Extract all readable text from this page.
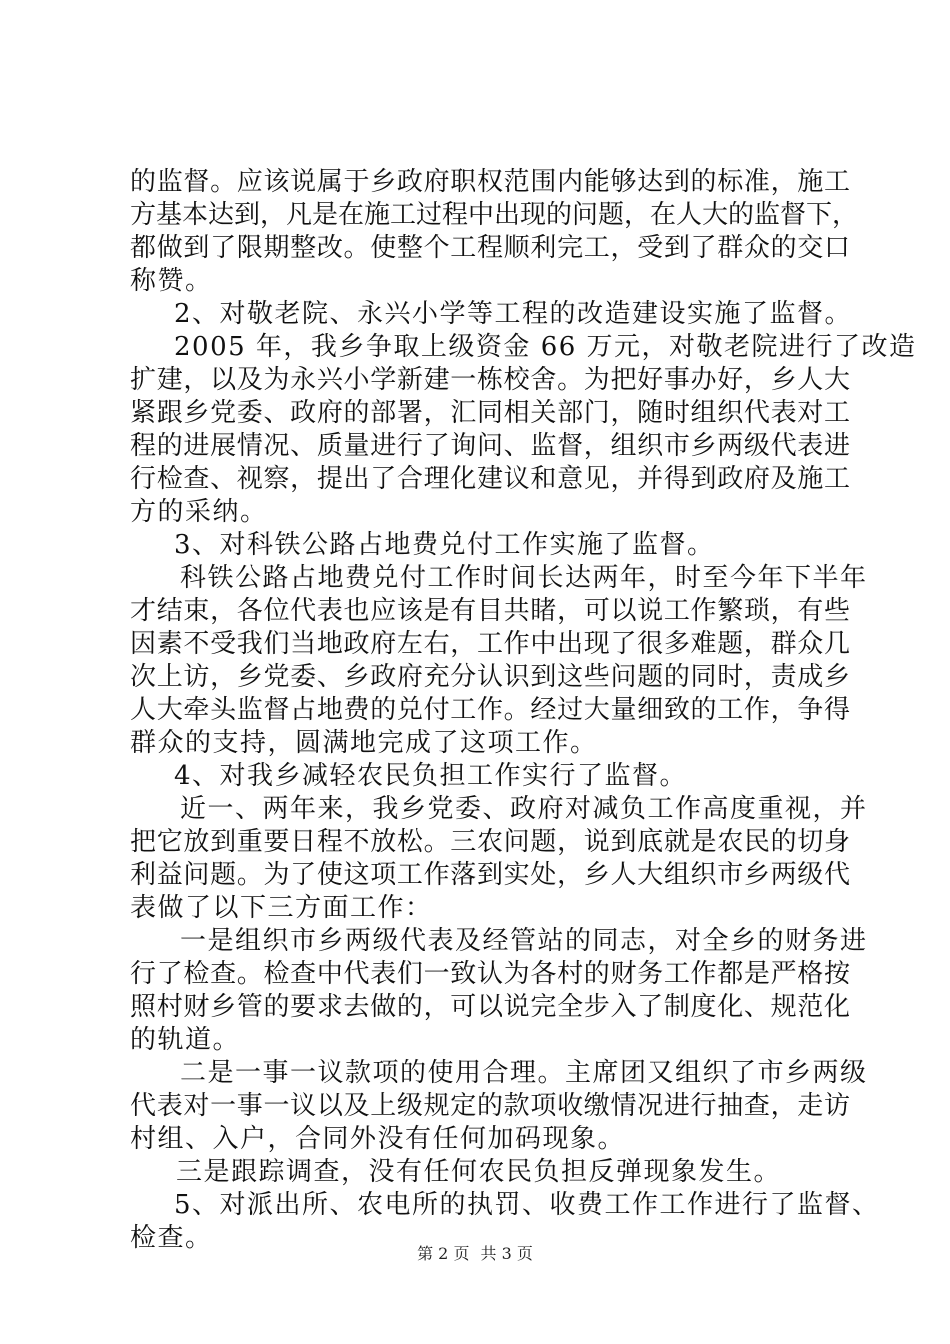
的监督。应该说属于乡政府职权范围内能够达到的标准，施工
方基本达到，凡是在施工过程中出现的问题，在人大的监督下，
都做到了限期整改。使整个工程顺利完工，受到了群众的交口
称赞。
2、对敬老院、永兴小学等工程的改造建设实施了监督。
2005 年，我乡争取上级资金 66 万元，对敬老院进行了改造
扩建，以及为永兴小学新建一栋校舍。为把好事办好，乡人大
紧跟乡党委、政府的部署，汇同相关部门，随时组织代表对工
程的进展情况、质量进行了询问、监督，组织市乡两级代表进
行检查、视察，提出了合理化建议和意见，并得到政府及施工
方的采纳。
3、对科铁公路占地费兑付工作实施了监督。
科铁公路占地费兑付工作时间长达两年，时至今年下半年
才结束，各位代表也应该是有目共睹，可以说工作繁琐，有些
因素不受我们当地政府左右，工作中出现了很多难题，群众几
次上访，乡党委、乡政府充分认识到这些问题的同时，责成乡
人大牵头监督占地费的兑付工作。经过大量细致的工作，争得
群众的支持，圆满地完成了这项工作。
4、对我乡减轻农民负担工作实行了监督。
近一、两年来，我乡党委、政府对减负工作高度重视，并
把它放到重要日程不放松。三农问题，说到底就是农民的切身
利益问题。为了使这项工作落到实处，乡人大组织市乡两级代
表做了以下三方面工作：
一是组织市乡两级代表及经管站的同志，对全乡的财务进
行了检查。检查中代表们一致认为各村的财务工作都是严格按
照村财乡管的要求去做的，可以说完全步入了制度化、规范化
的轨道。
二是一事一议款项的使用合理。主席团又组织了市乡两级
代表对一事一议以及上级规定的款项收缴情况进行抽查，走访
村组、入户，合同外没有任何加码现象。
三是跟踪调查，没有任何农民负担反弹现象发生。
5、对派出所、农电所的执罚、收费工作工作进行了监督、
检查。
第 2 页 共 3 页
